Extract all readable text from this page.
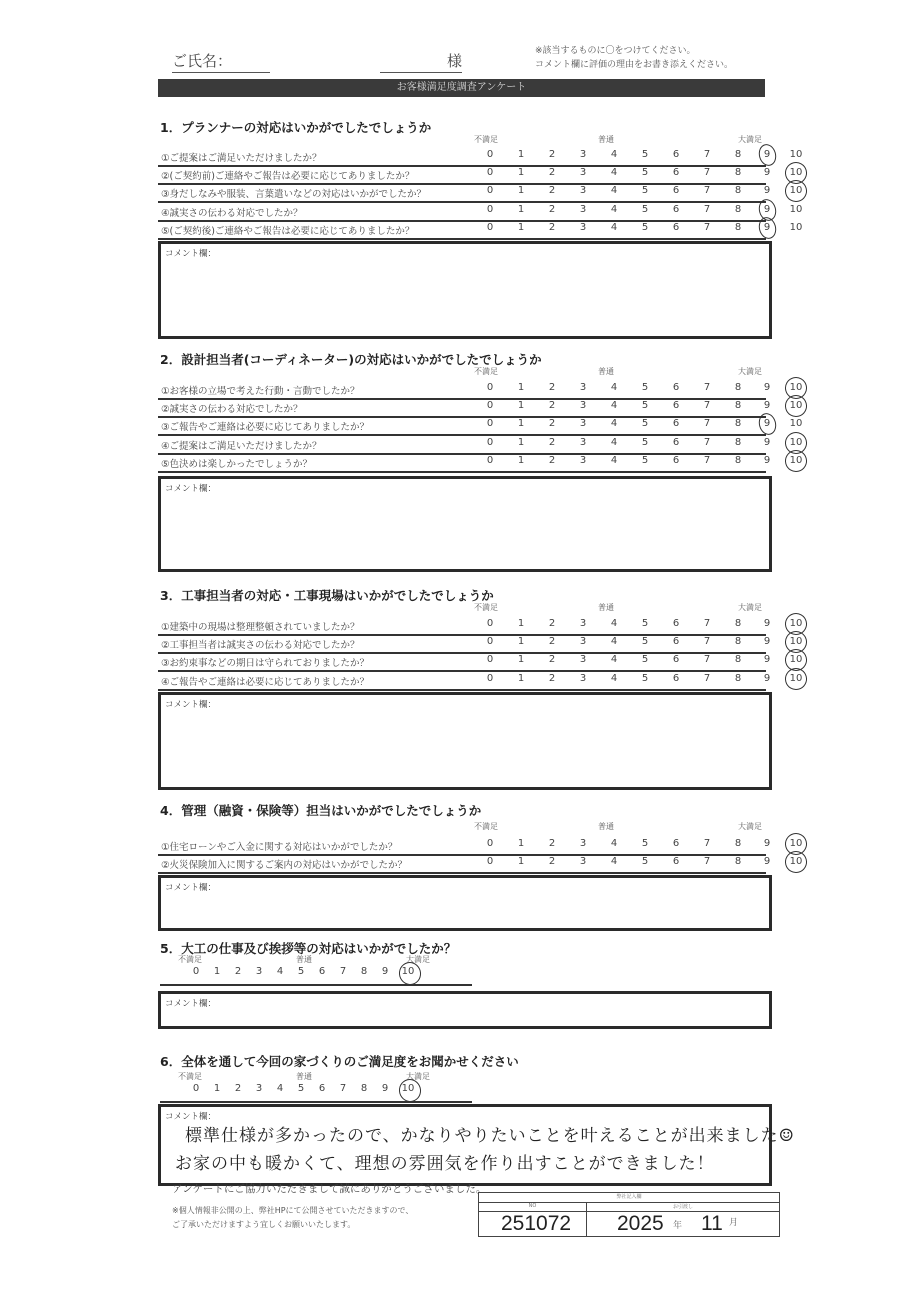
ご氏名：	様
※該当するものに〇をつけてください。
コメント欄に評価の理由をお書き添えください。
お客様満足度調査アンケート
1．プランナーの対応はいかがでしたでしょうか
不満足	普通	大満足
①ご提案はご満足いただけましたか？	0	1	2	3	4	5	6	7	8	9	10
②(ご契約前)ご連絡やご報告は必要に応じてありましたか？	0	1	2	3	4	5	6	7	8	9	10
③身だしなみや服装、言葉遣いなどの対応はいかがでしたか？	0	1	2	3	4	5	6	7	8	9	10
④誠実さの伝わる対応でしたか？	0	1	2	3	4	5	6	7	8	9	10
⑤(ご契約後)ご連絡やご報告は必要に応じてありましたか？	0	1	2	3	4	5	6	7	8	9	10
コメント欄：
2．設計担当者(コーディネーター)の対応はいかがでしたでしょうか
不満足	普通	大満足
①お客様の立場で考えた行動・言動でしたか？	0	1	2	3	4	5	6	7	8	9	10
②誠実さの伝わる対応でしたか？	0	1	2	3	4	5	6	7	8	9	10
③ご報告やご連絡は必要に応じてありましたか？	0	1	2	3	4	5	6	7	8	9	10
④ご提案はご満足いただけましたか？	0	1	2	3	4	5	6	7	8	9	10
⑤色決めは楽しかったでしょうか？	0	1	2	3	4	5	6	7	8	9	10
コメント欄：
3．工事担当者の対応・工事現場はいかがでしたでしょうか
不満足	普通	大満足
①建築中の現場は整理整頓されていましたか？	0	1	2	3	4	5	6	7	8	9	10
②工事担当者は誠実さの伝わる対応でしたか？	0	1	2	3	4	5	6	7	8	9	10
③お約束事などの期日は守られておりましたか？	0	1	2	3	4	5	6	7	8	9	10
④ご報告やご連絡は必要に応じてありましたか？	0	1	2	3	4	5	6	7	8	9	10
コメント欄：
4．管理（融資・保険等）担当はいかがでしたでしょうか
不満足	普通	大満足
①住宅ローンやご入金に関する対応はいかがでしたか？	0	1	2	3	4	5	6	7	8	9	10
②火災保険加入に関するご案内の対応はいかがでしたか？	0	1	2	3	4	5	6	7	8	9	10
コメント欄：
5．大工の仕事及び挨拶等の対応はいかがでしたか？
不満足	普通	大満足
0	1	2	3	4	5	6	7	8	9	10
コメント欄：
6．全体を通して今回の家づくりのご満足度をお聞かせください
不満足	普通	大満足
0	1	2	3	4	5	6	7	8	9	10
コメント欄：
標準仕様が多かったので、かなりやりたいことを叶えることが出来ました☺
お家の中も暖かくて、理想の雰囲気を作り出すことができました！
アンケートにご協力いただきまして誠にありがとうございました。
※個人情報非公開の上、弊社HPにて公開させていただきますので、
ご了承いただけますよう宜しくお願いいたします。
弊社記入欄
NO	お引渡し
251072 2025 年 11 月
